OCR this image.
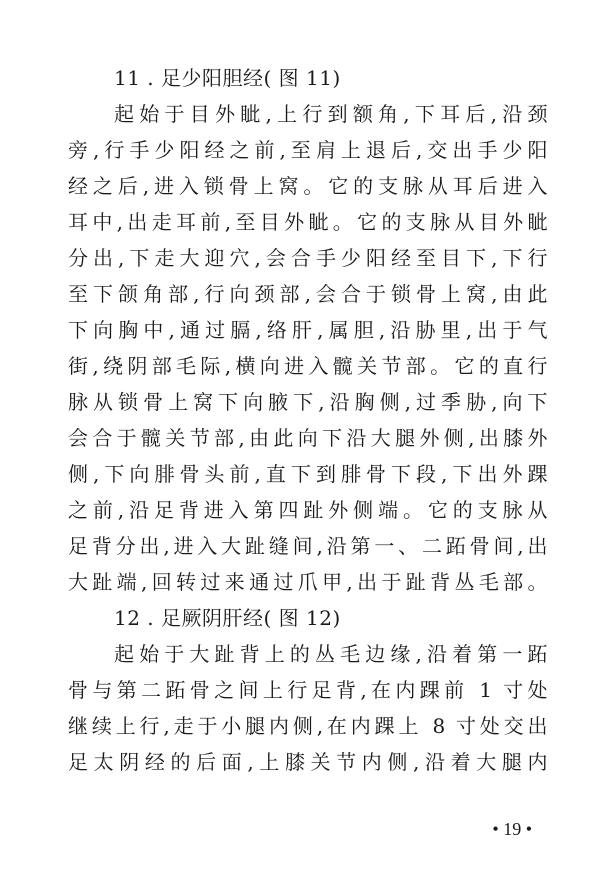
11 . 足少阳胆经( 图 11)
起始于目外眦,上行到额角,下耳后,沿颈
旁,行手少阳经之前,至肩上退后,交出手少阳
经之后,进入锁骨上窝。它的支脉从耳后进入
耳中,出走耳前,至目外眦。它的支脉从目外眦
分出,下走大迎穴,会合手少阳经至目下,下行
至下颌角部,行向颈部,会合于锁骨上窝,由此
下向胸中,通过膈,络肝,属胆,沿胁里,出于气
街,绕阴部毛际,横向进入髋关节部。它的直行
脉从锁骨上窝下向腋下,沿胸侧,过季胁,向下
会合于髋关节部,由此向下沿大腿外侧,出膝外
侧,下向腓骨头前,直下到腓骨下段,下出外踝
之前,沿足背进入第四趾外侧端。它的支脉从
足背分出,进入大趾缝间,沿第一、二跖骨间,出
大趾端,回转过来通过爪甲,出于趾背丛毛部。
12 . 足厥阴肝经( 图 12)
起始于大趾背上的丛毛边缘,沿着第一跖
骨与第二跖骨之间上行足背,在内踝前 1 寸处
继续上行,走于小腿内侧,在内踝上 8 寸处交出
足太阴经的后面,上膝关节内侧,沿着大腿内
• 19 •
